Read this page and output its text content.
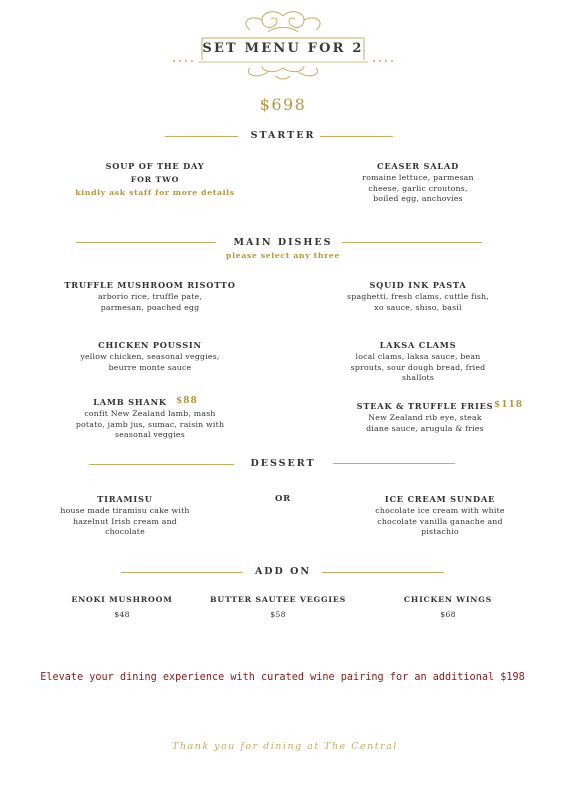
SET MENU FOR 2
$698
STARTER
SOUP OF THE DAY
FOR TWO
kindly ask staff for more details
CEASER SALAD
romaine lettuce, parmesan
cheese, garlic croutons,
boiled egg, anchovies
MAIN DISHES
please select any three
TRUFFLE MUSHROOM RISOTTO
arborio rice, truffle pate,
parmesan, poached egg
SQUID INK PASTA
spaghetti, fresh clams, cuttle fish,
xo sauce, shiso, basil
CHICKEN POUSSIN
yellow chicken, seasonal veggies,
beurre monte sauce
LAKSA CLAMS
local clams, laksa sauce, bean
sprouts, sour dough bread, fried
shallots
LAMB SHANK	$88
confit New Zealand lamb, mash
potato, jamb jus, sumac, raisin with
seasonal veggies
STEAK & TRUFFLE FRIES $118
New Zealand rib eye, steak
diane sauce, arugula & fries
DESSERT
TIRAMISU
house made tiramisu cake with
hazelnut Irish cream and
chocolate
OR	ICE CREAM SUNDAE
chocolate ice cream with white
chocolate vanilla ganache and
pistachio
ADD ON
ENOKI MUSHROOM
$48
BUTTER SAUTEE VEGGIES
$58
CHICKEN WINGS
$68
Elevate your dining experience with curated wine pairing for an additional $198
Thank you for dining at The Central
